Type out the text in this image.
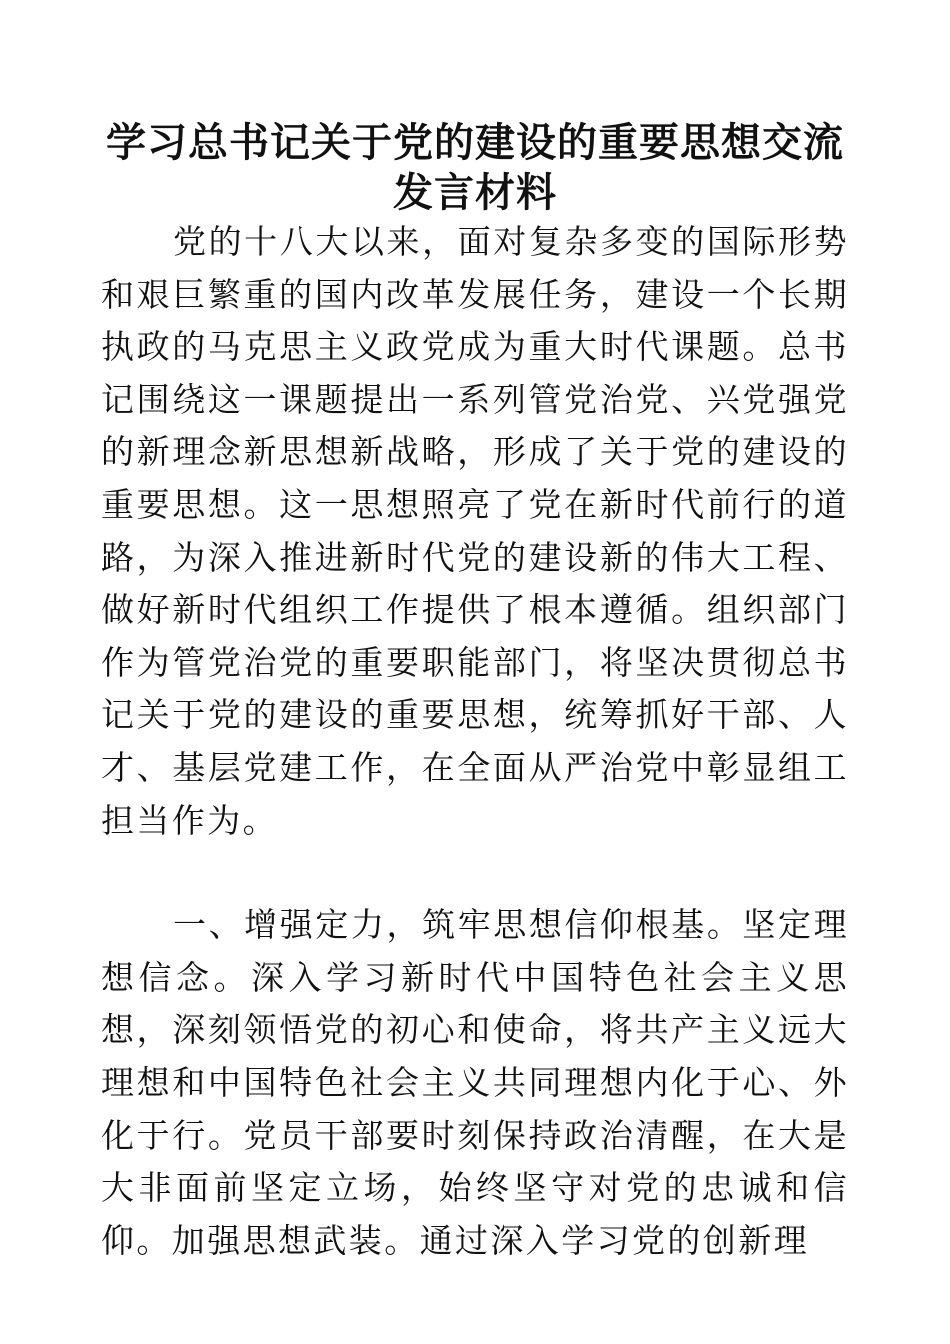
学习总书记关于党的建设的重要思想交流
发言材料

党的十八大以来，面对复杂多变的国际形势和艰巨繁重的国内改革发展任务，建设一个长期执政的马克思主义政党成为重大时代课题。总书记围绕这一课题提出一系列管党治党、兴党强党的新理念新思想新战略，形成了关于党的建设的重要思想。这一思想照亮了党在新时代前行的道路，为深入推进新时代党的建设新的伟大工程、做好新时代组织工作提供了根本遵循。组织部门作为管党治党的重要职能部门，将坚决贯彻总书记关于党的建设的重要思想，统筹抓好干部、人才、基层党建工作，在全面从严治党中彰显组工担当作为。

一、增强定力，筑牢思想信仰根基。坚定理想信念。深入学习新时代中国特色社会主义思想，深刻领悟党的初心和使命，将共产主义远大理想和中国特色社会主义共同理想内化于心、外化于行。党员干部要时刻保持政治清醒，在大是大非面前坚定立场，始终坚守对党的忠诚和信仰。加强思想武装。通过深入学习党的创新理
